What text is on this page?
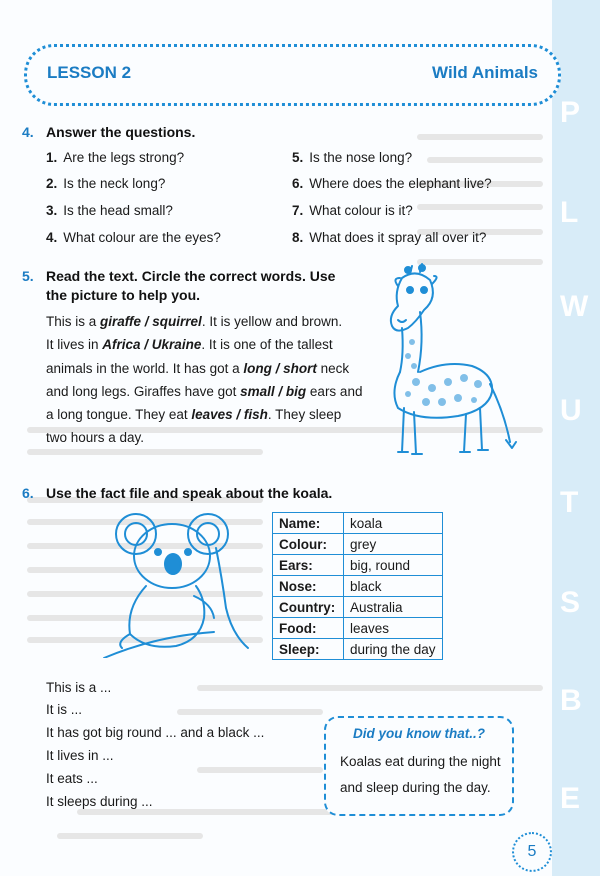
P
L
W
U
T
S
B
E
LESSON 2	Wild Animals
4. Answer the questions.
1. Are the legs strong?
2. Is the neck long?
3. Is the head small?
4. What colour are the eyes?
5. Is the nose long?
6. Where does the elephant live?
7. What colour is it?
8. What does it spray all over it?
5. Read the text. Circle the correct words. Use
the picture to help you.
This is a giraffe / squirrel. It is yellow and brown.
It lives in Africa / Ukraine. It is one of the tallest
animals in the world. It has got a long / short neck
and long legs. Giraffes have got small / big ears and
a long tongue. They eat leaves / fish. They sleep
two hours a day.
6. Use the fact file and speak about the koala.
Name:	koala
Colour:	grey
Ears:	big, round
Nose:	black
Country:	Australia
Food:	leaves
Sleep:	during the day
This is a ...
It is ...
It has got big round ... and a black ...
It lives in ...
It eats ...
It sleeps during ...
Did you know that..?
Koalas eat during the night
and sleep during the day.
5
